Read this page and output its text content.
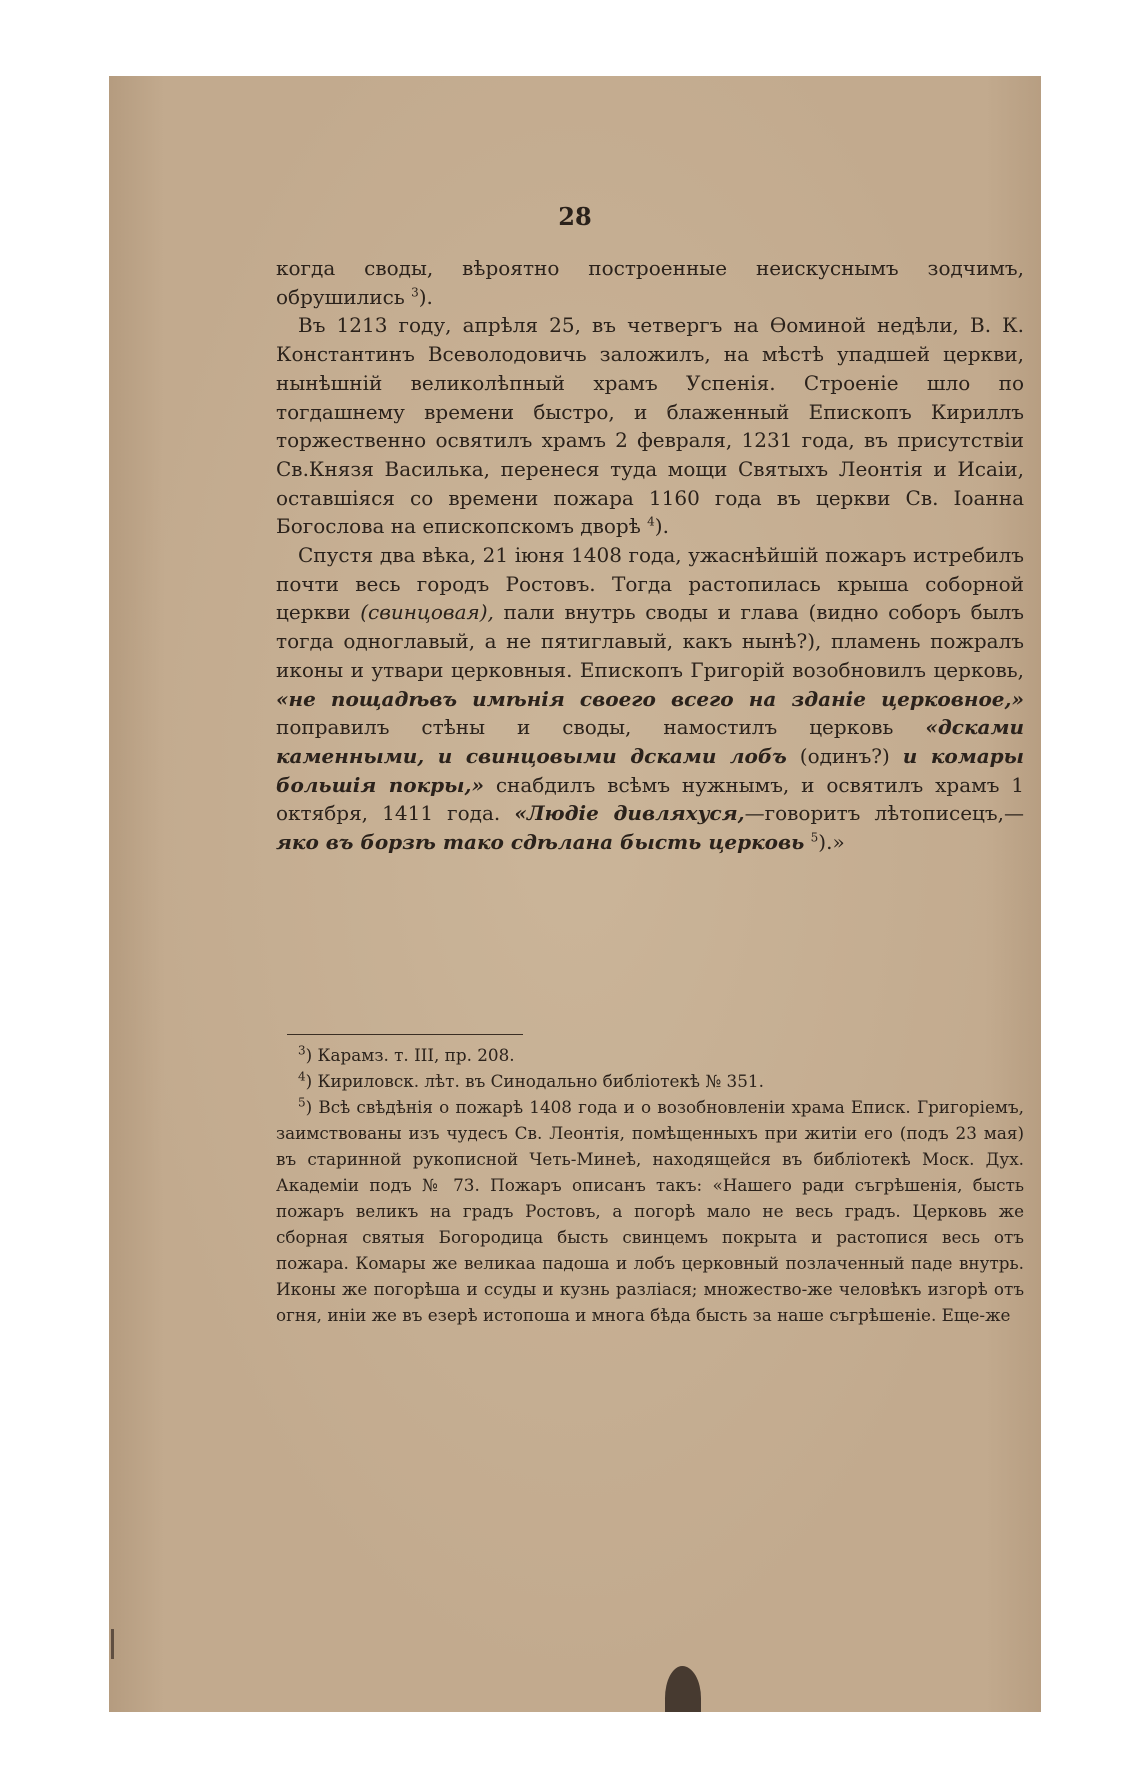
28

когда своды, вѣроятно построенные неискуснымъ зодчимъ, обрушились $^3$).

Въ 1213 году, апрѣля 25, въ четвергъ на Ѳоминой недѣли, В. К. Константинъ Всеволодовичь заложилъ, на мѣстѣ упадшей церкви, нынѣшній великолѣпный храмъ Успенія. Строеніе шло по тогдашнему времени быстро, и блаженный Епископъ Кириллъ торжественно освятилъ храмъ 2 февраля, 1231 года, въ присутствіи Св.Князя Василька, перенеся туда мощи Святыхъ Леонтія и Исаіи, оставшіяся со времени пожара 1160 года въ церкви Св. Іоанна Богослова на епископскомъ дворѣ $^4$).

Спустя два вѣка, 21 іюня 1408 года, ужаснѣйшій пожаръ истребилъ почти весь городъ Ростовъ. Тогда растопилась крыша соборной церкви (свинцовая), пали внутрь своды и глава (видно соборъ былъ тогда одноглавый, а не пятиглавый, какъ нынѣ?), пламень пожралъ иконы и утвари церковныя. Епископъ Григорій возобновилъ церковь, «не пощадѣвъ имѣнія своего всего на зданіе церковное,» поправилъ стѣны и своды, намостилъ церковь «дсками каменными, и свинцовыми дсками лобъ (одинъ?) и комары большія покры,» снабдилъ всѣмъ нужнымъ, и освятилъ храмъ 1 октября, 1411 года. «Людіе дивляхуся,—говоритъ лѣтописецъ,—яко въ борзѣ тако сдѣлана бысть церковь $^5$).»

$^3$) Карамз. т. III, пр. 208.

$^4$) Кириловск. лѣт. въ Синодально библіотекѣ № 351.

$^5$) Всѣ свѣдѣнія о пожарѣ 1408 года и о возобновленіи храма Еписк. Григоріемъ, заимствованы изъ чудесъ Св. Леонтія, помѣщенныхъ при житіи его (подъ 23 мая) въ старинной рукописной Четь-Минеѣ, находящейся въ библіотекѣ Моск. Дух. Академіи подъ № 73. Пожаръ описанъ такъ: «Нашего ради съгрѣшенія, бысть пожаръ великъ на градъ Ростовъ, а погорѣ мало не весь градъ. Церковь же сборная святыя Богородица бысть свинцемъ покрыта и растопися весь отъ пожара. Комары же великаа падоша и лобъ церковный позлаченный паде внутрь. Иконы же погорѣша и ссуды и кузнь разліася; множество-же человѣкъ изгорѣ отъ огня, иніи же въ езерѣ истопоша и многа бѣда бысть за наше съгрѣшеніе. Еще-же
